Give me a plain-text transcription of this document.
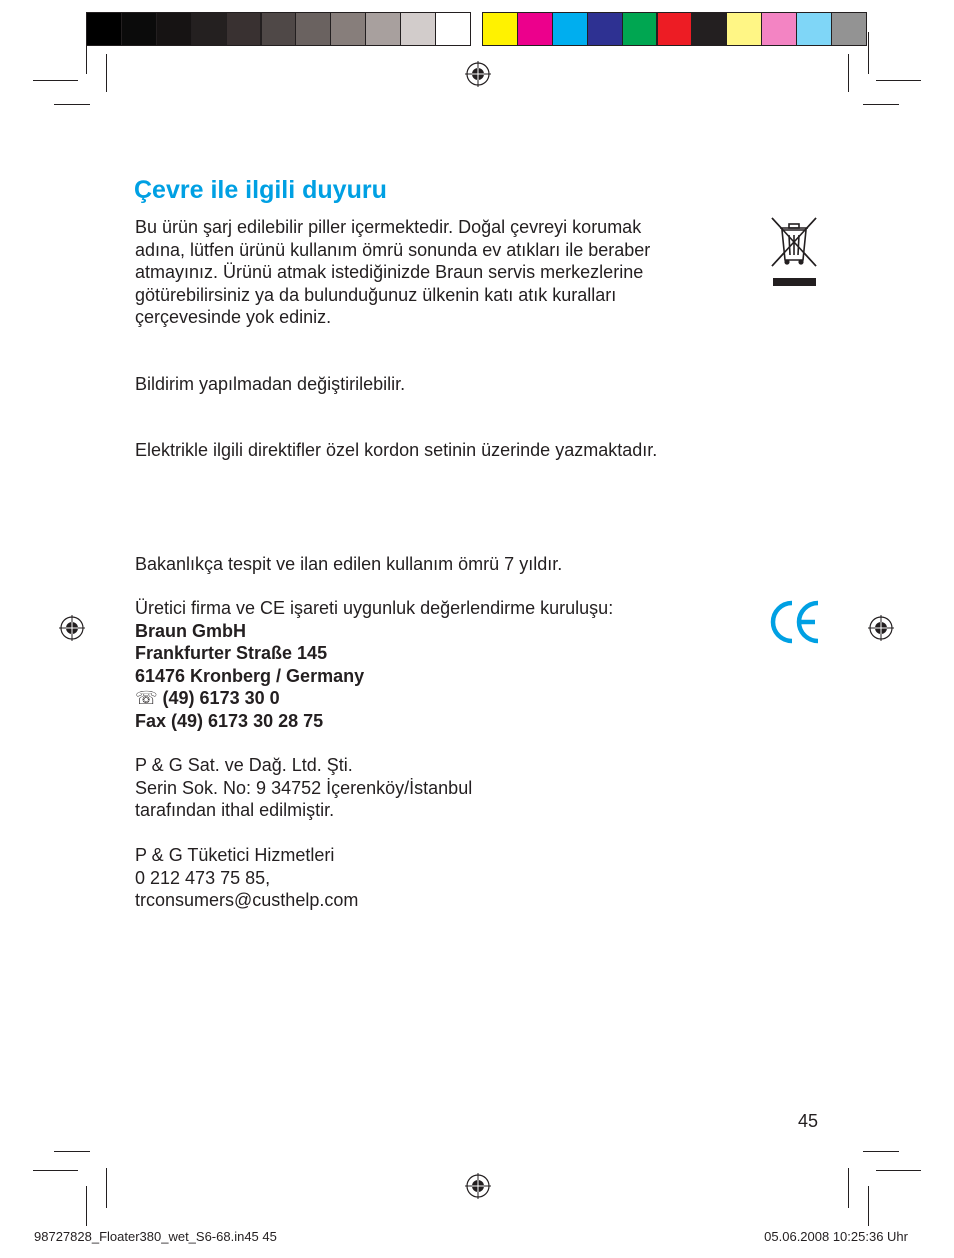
Çevre ile ilgili duyuru
Bu ürün şarj edilebilir piller içermektedir. Doğal çevreyi korumak
adına, lütfen ürünü kullanım ömrü sonunda ev atıkları ile beraber
atmayınız. Ürünü atmak istediğinizde Braun servis merkezlerine
götürebilirsiniz ya da bulunduğunuz ülkenin katı atık kuralları
çerçevesinde yok ediniz.
Bildirim yapılmadan değiştirilebilir.
Elektrikle ilgili direktifler özel kordon setinin üzerinde yazmaktadır.
Bakanlıkça tespit ve ilan edilen kullanım ömrü 7 yıldır.
Üretici firma ve CE işareti uygunluk değerlendirme kuruluşu:
Braun GmbH
Frankfurter Straße 145
61476 Kronberg / Germany
☏ (49) 6173 30 0
Fax (49) 6173 30 28 75
P & G Sat. ve Dağ. Ltd. Şti.
Serin Sok. No: 9 34752 İçerenköy/İstanbul
tarafından ithal edilmiştir.
P & G Tüketici Hizmetleri
0 212 473 75 85,
trconsumers@custhelp.com
45
98727828_Floater380_wet_S6-68.in45 45	05.06.2008 10:25:36 Uhr
